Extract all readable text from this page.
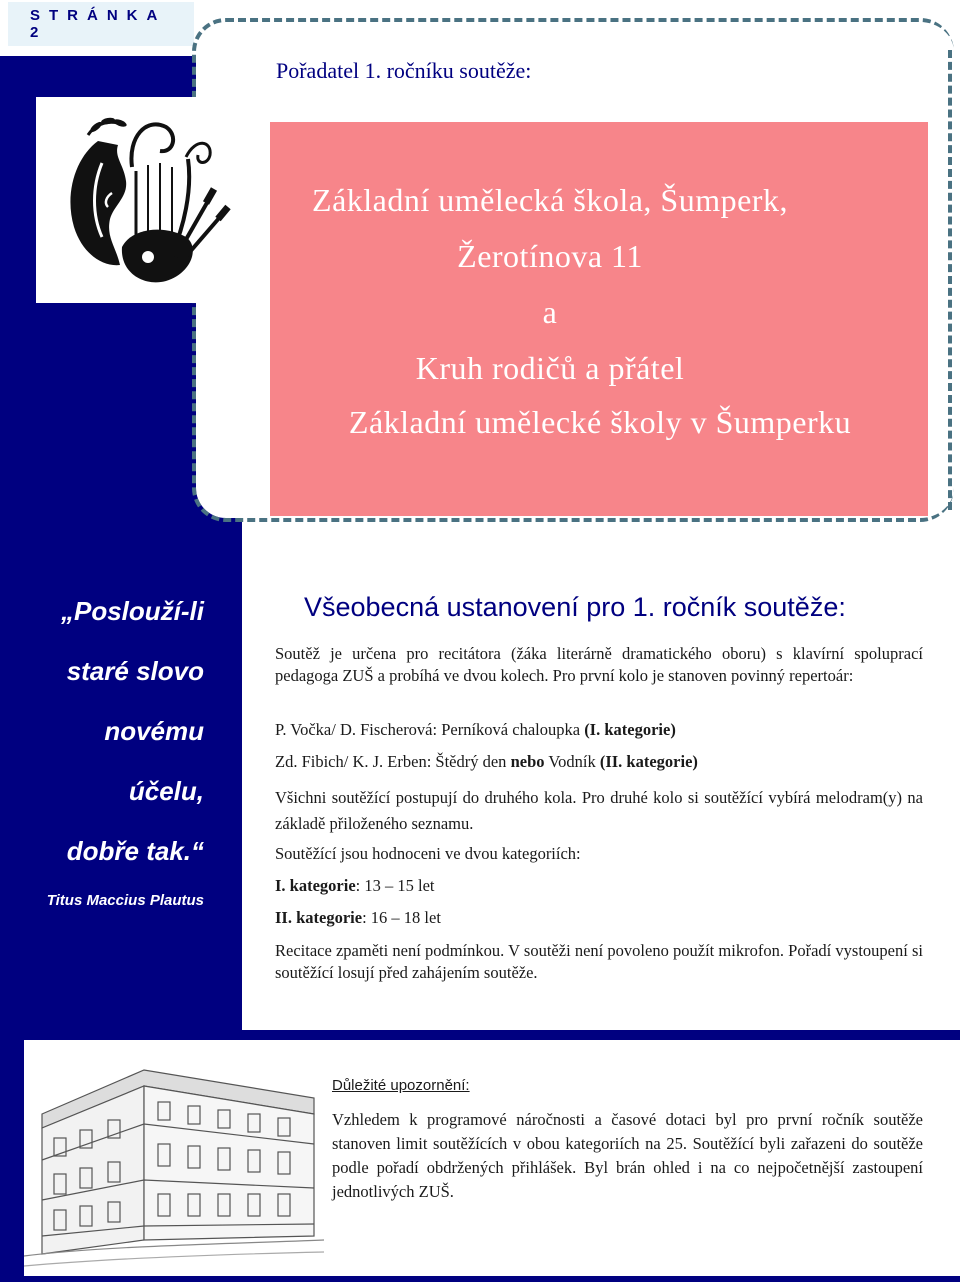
STRÁNKA 2
Pořadatel 1. ročníku soutěže:
Základní umělecká škola, Šumperk,
Žerotínova 11
a
Kruh rodičů a přátel
Základní umělecké školy v Šumperku
„Poslouží-li
staré slovo
novému
účelu,
dobře tak.“
Titus Maccius Plautus
Všeobecná ustanovení pro 1. ročník soutěže:
Soutěž je určena pro recitátora (žáka literárně dramatického oboru) s klavírní spoluprací pedagoga ZUŠ a probíhá ve dvou kolech. Pro první kolo je stanoven povinný repertoár:
P. Vočka/ D. Fischerová: Perníková chaloupka (I. kategorie)
Zd. Fibich/ K. J. Erben: Štědrý den nebo Vodník (II. kategorie)
Všichni soutěžící postupují do druhého kola. Pro druhé kolo si soutěžící vybírá melodram(y) na základě přiloženého seznamu.
Soutěžící jsou hodnoceni ve dvou kategoriích:
I. kategorie: 13 – 15 let
II. kategorie: 16 – 18 let
Recitace zpaměti není podmínkou. V soutěži není povoleno použít mikrofon. Pořadí vystoupení si soutěžící losují před zahájením soutěže.
Důležité upozornění:
Vzhledem k programové náročnosti a časové dotaci byl pro první ročník soutěže stanoven limit soutěžících v obou kategoriích na 25. Soutěžící byli zařazeni do soutěže podle pořadí obdržených přihlášek. Byl brán ohled i na co nejpočetnější zastoupení jednotlivých ZUŠ.
